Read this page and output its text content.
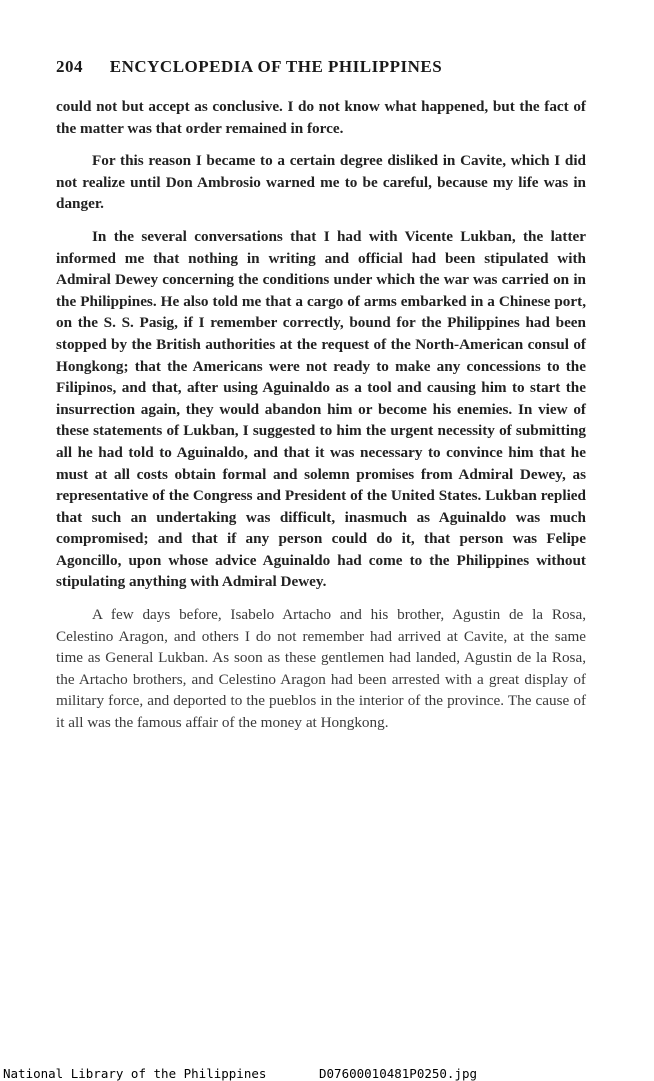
204 ENCYCLOPEDIA OF THE PHILIPPINES

could not but accept as conclusive. I do not know what happened, but the fact of the matter was that order remained in force.

For this reason I became to a certain degree disliked in Cavite, which I did not realize until Don Ambrosio warned me to be careful, because my life was in danger.

In the several conversations that I had with Vicente Lukban, the latter informed me that nothing in writing and official had been stipulated with Admiral Dewey concerning the conditions under which the war was carried on in the Philippines. He also told me that a cargo of arms embarked in a Chinese port, on the S. S. Pasig, if I remember correctly, bound for the Philippines had been stopped by the British authorities at the request of the North-American consul of Hongkong; that the Americans were not ready to make any concessions to the Filipinos, and that, after using Aguinaldo as a tool and causing him to start the insurrection again, they would abandon him or become his enemies. In view of these statements of Lukban, I suggested to him the urgent necessity of submitting all he had told to Aguinaldo, and that it was necessary to convince him that he must at all costs obtain formal and solemn promises from Admiral Dewey, as representative of the Congress and President of the United States. Lukban replied that such an undertaking was difficult, inasmuch as Aguinaldo was much compromised; and that if any person could do it, that person was Felipe Agoncillo, upon whose advice Aguinaldo had come to the Philippines without stipulating anything with Admiral Dewey.

A few days before, Isabelo Artacho and his brother, Agustin de la Rosa, Celestino Aragon, and others I do not remember had arrived at Cavite, at the same time as General Lukban. As soon as these gentlemen had landed, Agustin de la Rosa, the Artacho brothers, and Celestino Aragon had been arrested with a great display of military force, and deported to the pueblos in the interior of the province. The cause of it all was the famous affair of the money at Hongkong.

National Library of the Philippines	D07600010481P0250.jpg
